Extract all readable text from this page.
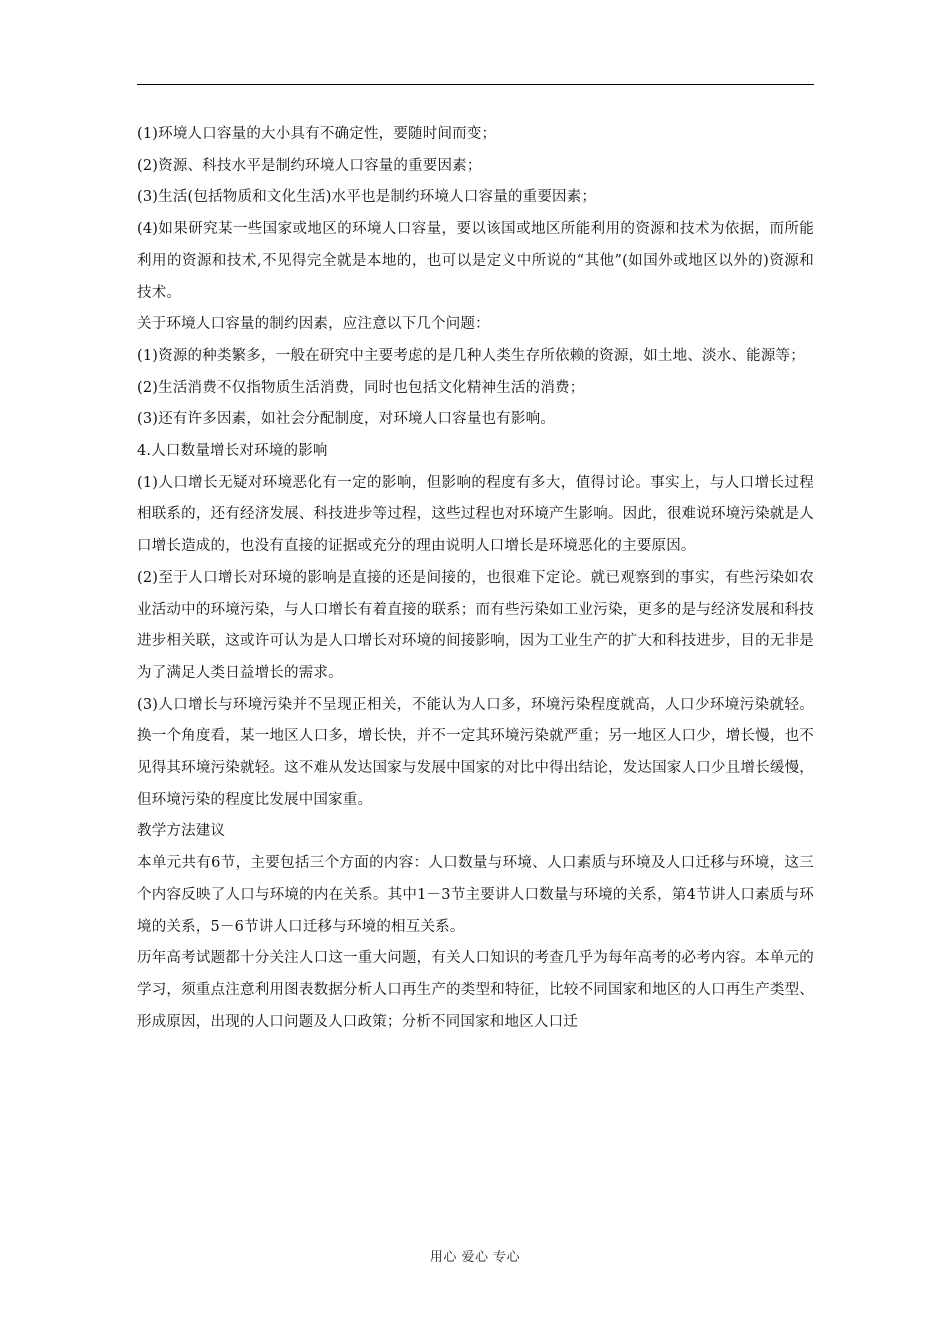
(1)环境人口容量的大小具有不确定性，要随时间而变；

(2)资源、科技水平是制约环境人口容量的重要因素；

(3)生活(包括物质和文化生活)水平也是制约环境人口容量的重要因素；

(4)如果研究某一些国家或地区的环境人口容量，要以该国或地区所能利用的资源和技术为依据，而所能利用的资源和技术,不见得完全就是本地的，也可以是定义中所说的“其他”(如国外或地区以外的)资源和技术。

关于环境人口容量的制约因素，应注意以下几个问题：

(1)资源的种类繁多，一般在研究中主要考虑的是几种人类生存所依赖的资源，如土地、淡水、能源等；

(2)生活消费不仅指物质生活消费，同时也包括文化精神生活的消费；

(3)还有许多因素，如社会分配制度，对环境人口容量也有影响。

4.人口数量增长对环境的影响

(1)人口增长无疑对环境恶化有一定的影响，但影响的程度有多大，值得讨论。事实上，与人口增长过程相联系的，还有经济发展、科技进步等过程，这些过程也对环境产生影响。因此，很难说环境污染就是人口增长造成的，也没有直接的证据或充分的理由说明人口增长是环境恶化的主要原因。

(2)至于人口增长对环境的影响是直接的还是间接的，也很难下定论。就已观察到的事实，有些污染如农业活动中的环境污染，与人口增长有着直接的联系；而有些污染如工业污染，更多的是与经济发展和科技进步相关联，这或许可认为是人口增长对环境的间接影响，因为工业生产的扩大和科技进步，目的无非是为了满足人类日益增长的需求。

(3)人口增长与环境污染并不呈现正相关，不能认为人口多，环境污染程度就高，人口少环境污染就轻。换一个角度看，某一地区人口多，增长快，并不一定其环境污染就严重；另一地区人口少，增长慢，也不见得其环境污染就轻。这不难从发达国家与发展中国家的对比中得出结论，发达国家人口少且增长缓慢，但环境污染的程度比发展中国家重。

教学方法建议

本单元共有6节，主要包括三个方面的内容：人口数量与环境、人口素质与环境及人口迁移与环境，这三个内容反映了人口与环境的内在关系。其中1－3节主要讲人口数量与环境的关系，第4节讲人口素质与环境的关系，5－6节讲人口迁移与环境的相互关系。

历年高考试题都十分关注人口这一重大问题，有关人口知识的考查几乎为每年高考的必考内容。本单元的学习，须重点注意利用图表数据分析人口再生产的类型和特征，比较不同国家和地区的人口再生产类型、形成原因，出现的人口问题及人口政策；分析不同国家和地区人口迁

用心 爱心 专心
